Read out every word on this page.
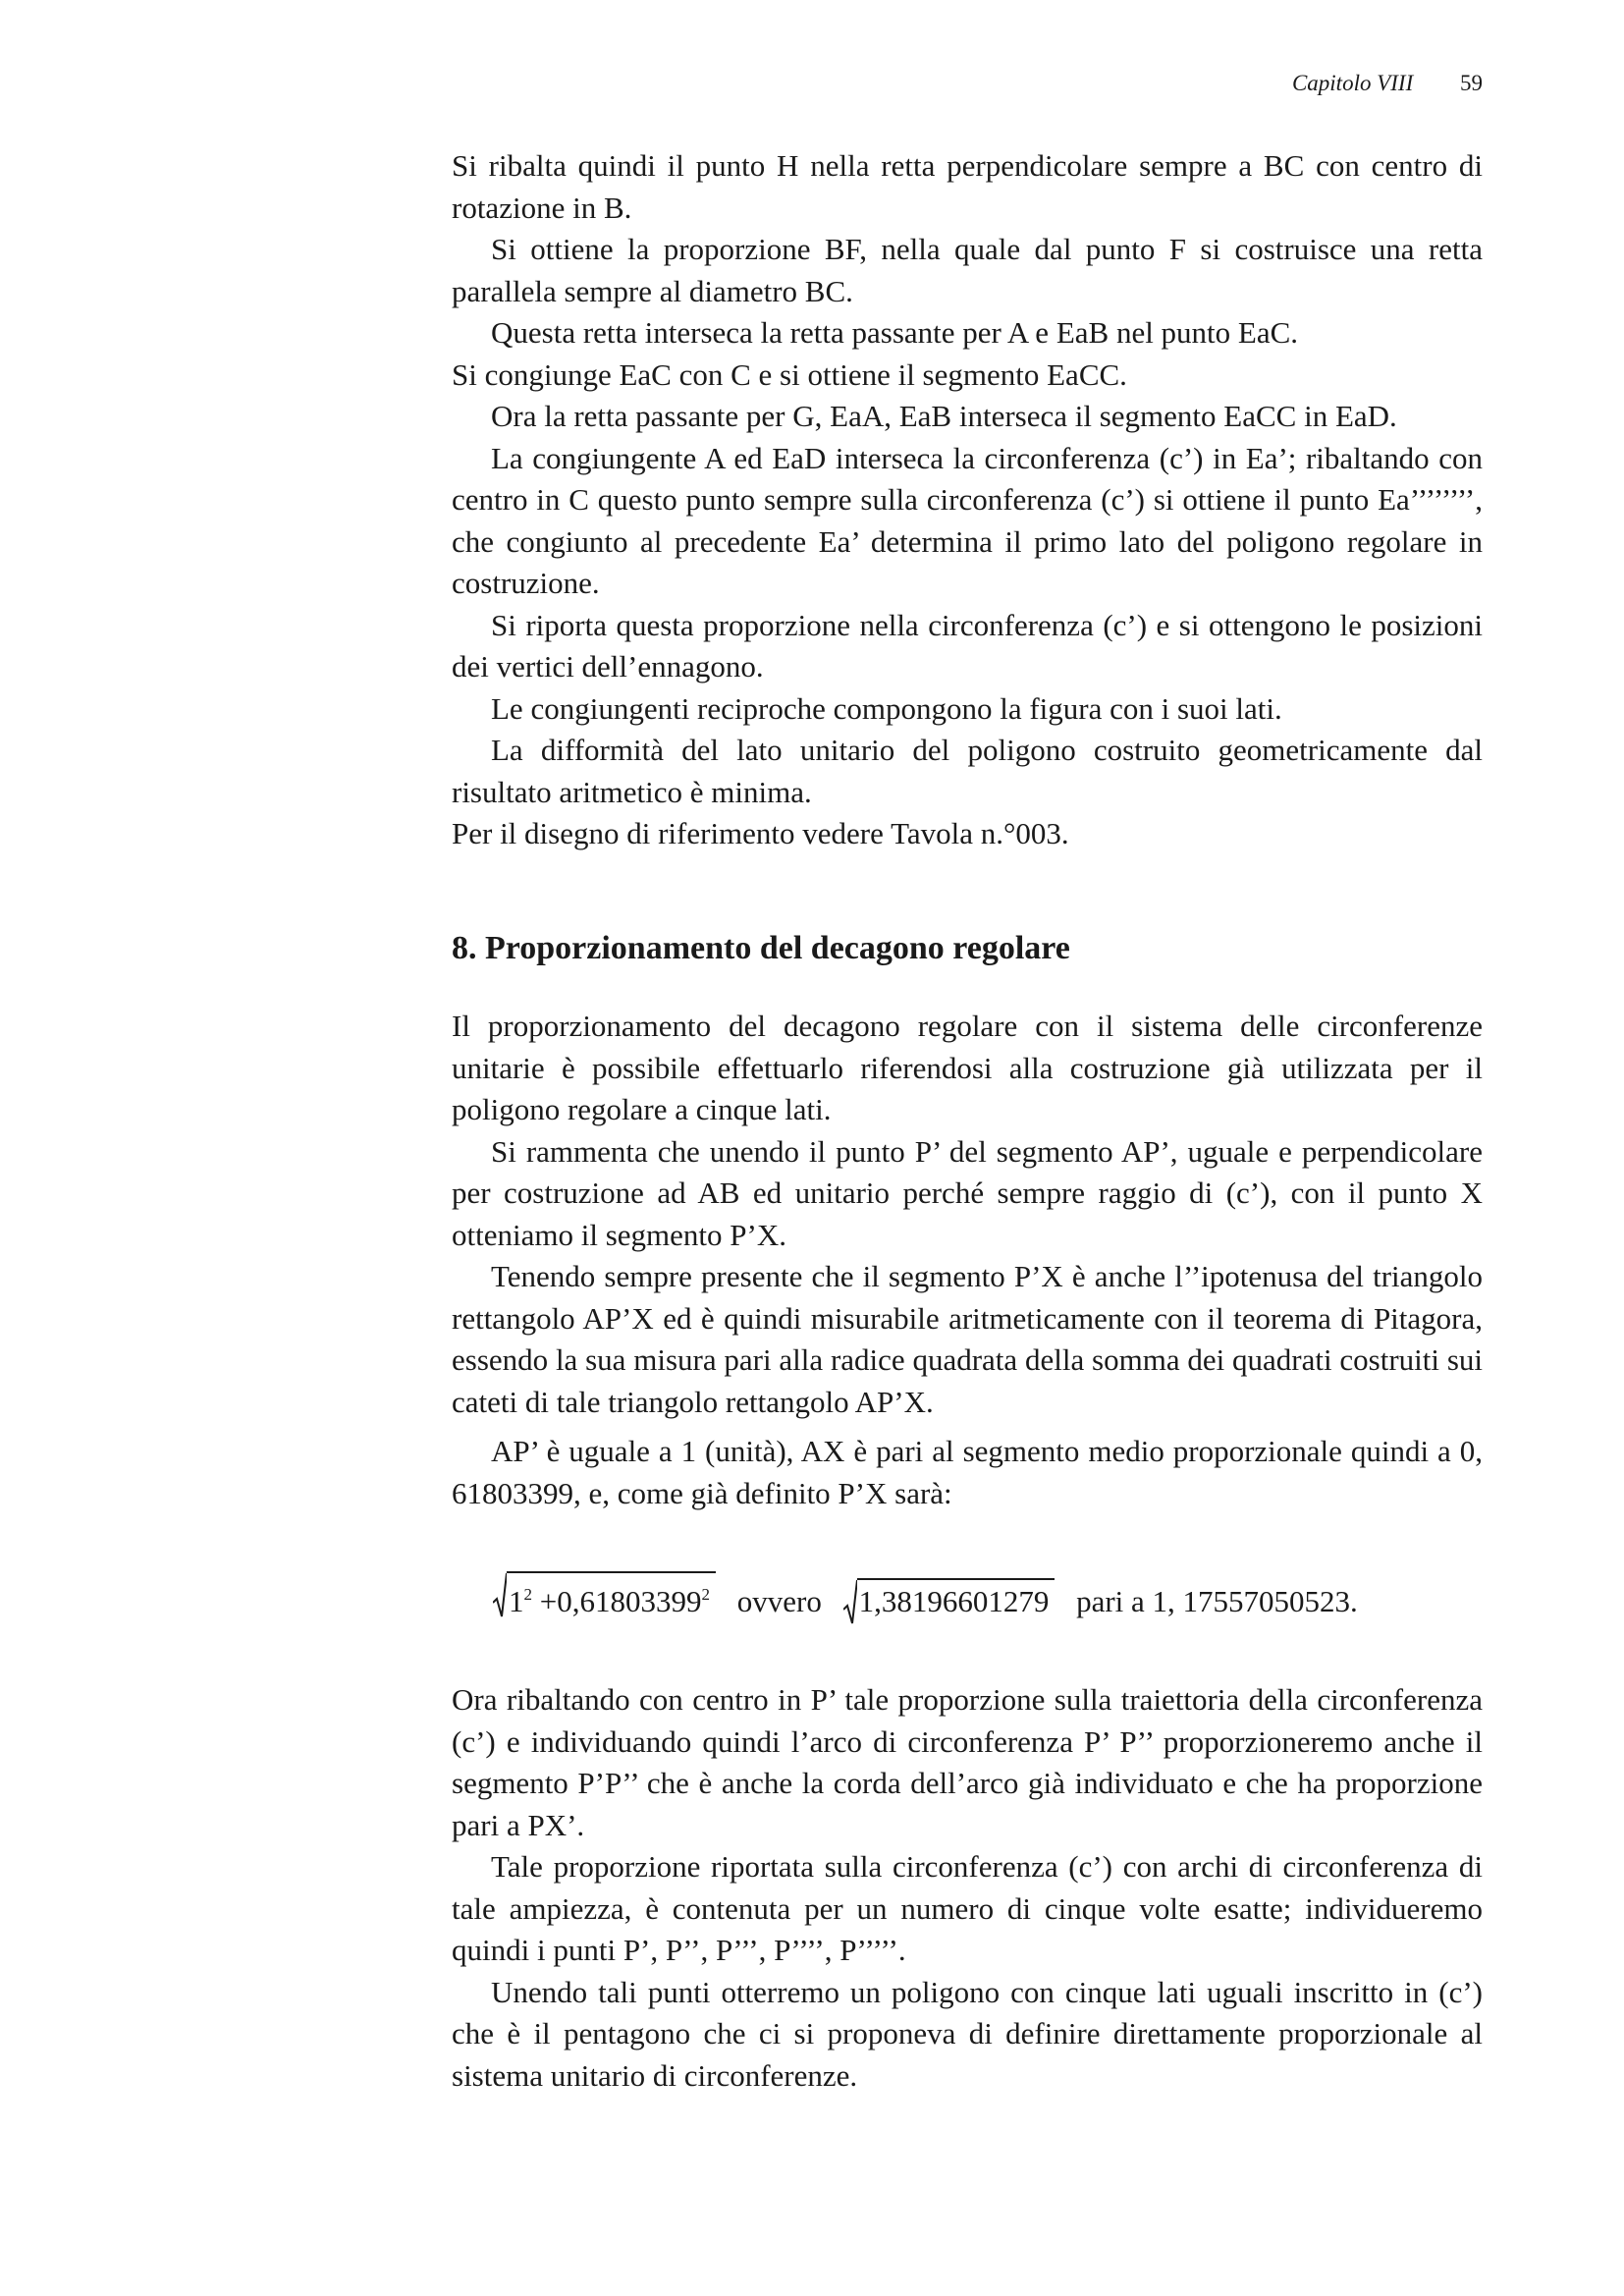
Capitolo VIII 59

Si ribalta quindi il punto H nella retta perpendicolare sempre a BC con centro di rotazione in B.

Si ottiene la proporzione BF, nella quale dal punto F si costruisce una retta parallela sempre al diametro BC.

Questa retta interseca la retta passante per A e EaB nel punto EaC.

Si congiunge EaC con C e si ottiene il segmento EaCC.

Ora la retta passante per G, EaA, EaB interseca il segmento EaCC in EaD.

La congiungente A ed EaD interseca la circonferenza (c’) in Ea’; ribaltando con centro in C questo punto sempre sulla circonferenza (c’) si ottiene il punto Ea’’’’’’’’, che congiunto al precedente Ea’ determina il primo lato del poligono regolare in costruzione.

Si riporta questa proporzione nella circonferenza (c’) e si ottengono le posizioni dei vertici dell’ennagono.

Le congiungenti reciproche compongono la figura con i suoi lati.

La difformità del lato unitario del poligono costruito geometricamente dal risultato aritmetico è minima.

Per il disegno di riferimento vedere Tavola n.°003.

8. Proporzionamento del decagono regolare

Il proporzionamento del decagono regolare con il sistema delle circonferenze unitarie è possibile effettuarlo riferendosi alla costruzione già utilizzata per il poligono regolare a cinque lati.

Si rammenta che unendo il punto P’ del segmento AP’, uguale e perpendicolare per costruzione ad AB ed unitario perché sempre raggio di (c’), con il punto X otteniamo il segmento P’X.

Tenendo sempre presente che il segmento P’X è anche l’’ipotenusa del triangolo rettangolo AP’X ed è quindi misurabile aritmeticamente con il teorema di Pitagora, essendo la sua misura pari alla radice quadrata della somma dei quadrati costruiti sui cateti di tale triangolo rettangolo AP’X.

AP’ è uguale a 1 (unità), AX è pari al segmento medio proporzionale quindi a 0, 61803399, e, come già definito P’X sarà:

$1^2 +0,61803399^2$ ovvero 1,38196601279 pari a 1, 17557050523.

Ora ribaltando con centro in P’ tale proporzione sulla traiettoria della circonferenza (c’) e individuando quindi l’arco di circonferenza P’ P’’ proporzioneremo anche il segmento P’P’’ che è anche la corda dell’arco già individuato e che ha proporzione pari a PX’.

Tale proporzione riportata sulla circonferenza (c’) con archi di circonferenza di tale ampiezza, è contenuta per un numero di cinque volte esatte; individueremo quindi i punti P’, P’’, P’’’, P’’’’, P’’’’’.

Unendo tali punti otterremo un poligono con cinque lati uguali inscritto in (c’) che è il pentagono che ci si proponeva di definire direttamente proporzionale al sistema unitario di circonferenze.
